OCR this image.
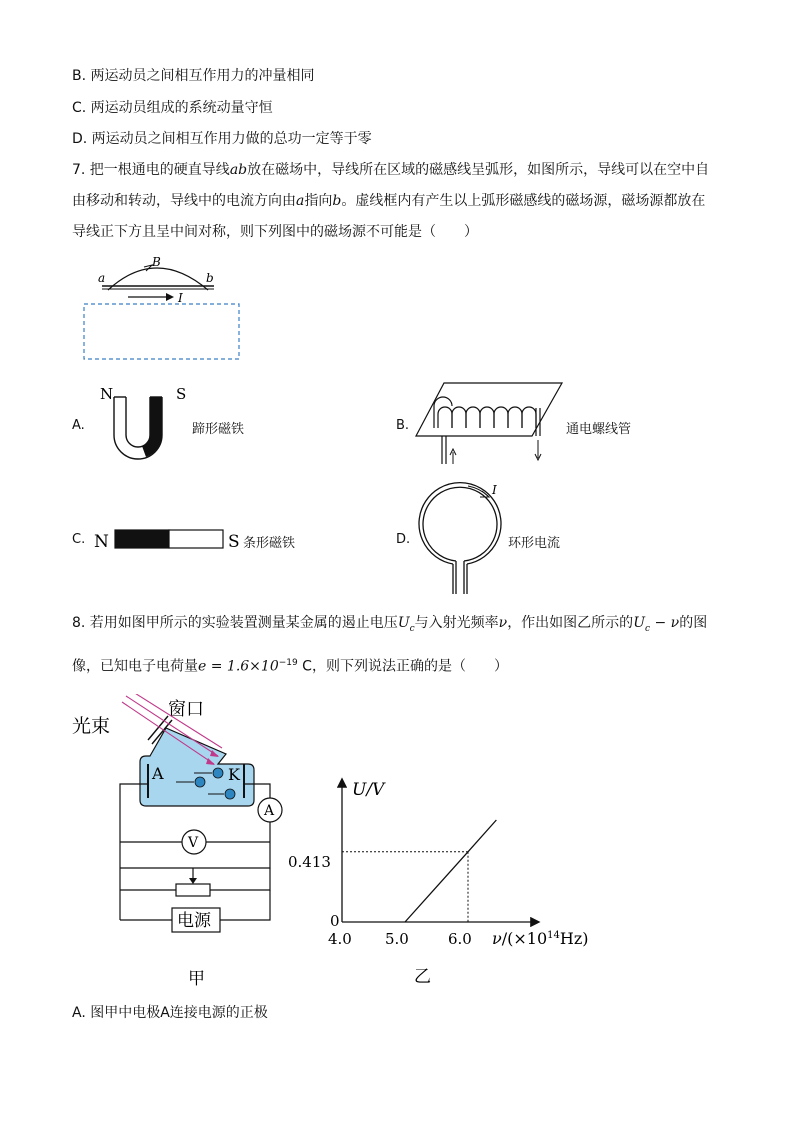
B. 两运动员之间相互作用力的冲量相同
C. 两运动员组成的系统动量守恒
D. 两运动员之间相互作用力做的总功一定等于零
7. 把一根通电的硬直导线ab放在磁场中，导线所在区域的磁感线呈弧形，如图所示，导线可以在空中自
由移动和转动，导线中的电流方向由a指向b。虚线框内有产生以上弧形磁感线的磁场源，磁场源都放在
导线正下方且呈中间对称，则下列图中的磁场源不可能是（　　）
a	b
B
I
A.
N	S
蹄形磁铁	B.	通电螺线管
C. N	S 条形磁铁	D.
I
环形电流
8. 若用如图甲所示的实验装置测量某金属的遏止电压$U_c$与入射光频率ν，作出如图乙所示的$U_c - \nu$的图
像，已知电子电荷量$e = 1.6\times 10^{-19}$ C，则下列说法正确的是（　　）
光束
窗口
A	K
A
V
电源
甲
U/V
0
0.413
4.0 5.0	6.0 $\nu/(\times 10^{14}Hz)$
乙
A. 图甲中电极A连接电源的正极
